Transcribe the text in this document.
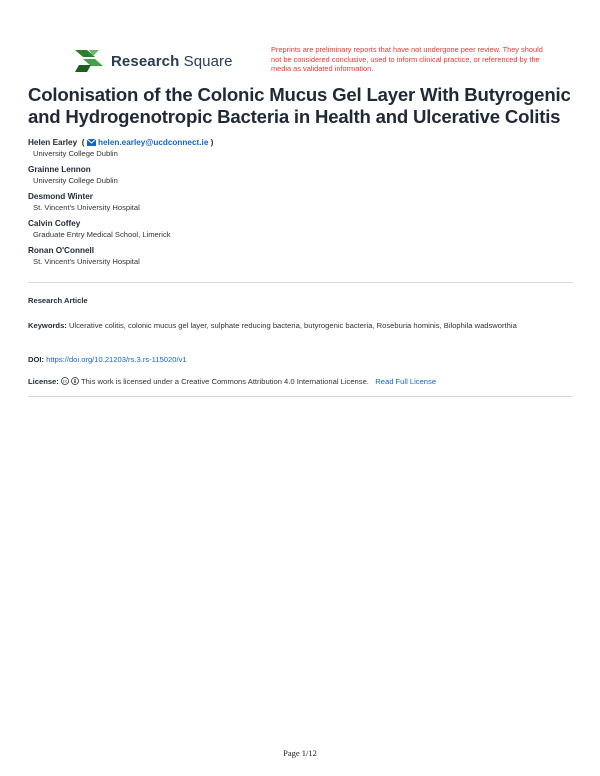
Research Square
Preprints are preliminary reports that have not undergone peer review. They should not be considered conclusive, used to inform clinical practice, or referenced by the media as validated information.
Colonisation of the Colonic Mucus Gel Layer With Butyrogenic and Hydrogenotropic Bacteria in Health and Ulcerative Colitis
Helen Earley  (  helen.earley@ucdconnect.ie )
University College Dublin
Grainne Lennon
University College Dublin
Desmond Winter
St. Vincent's University Hospital
Calvin Coffey
Graduate Entry Medical School, Limerick
Ronan O'Connell
St. Vincent's University Hospital
Research Article
Keywords: Ulcerative colitis, colonic mucus gel layer, sulphate reducing bacteria, butyrogenic bacteria, Roseburia hominis, Bilophila wadsworthia
DOI: https://doi.org/10.21203/rs.3.rs-115020/v1
License: cc This work is licensed under a Creative Commons Attribution 4.0 International License. Read Full License
Page 1/12
